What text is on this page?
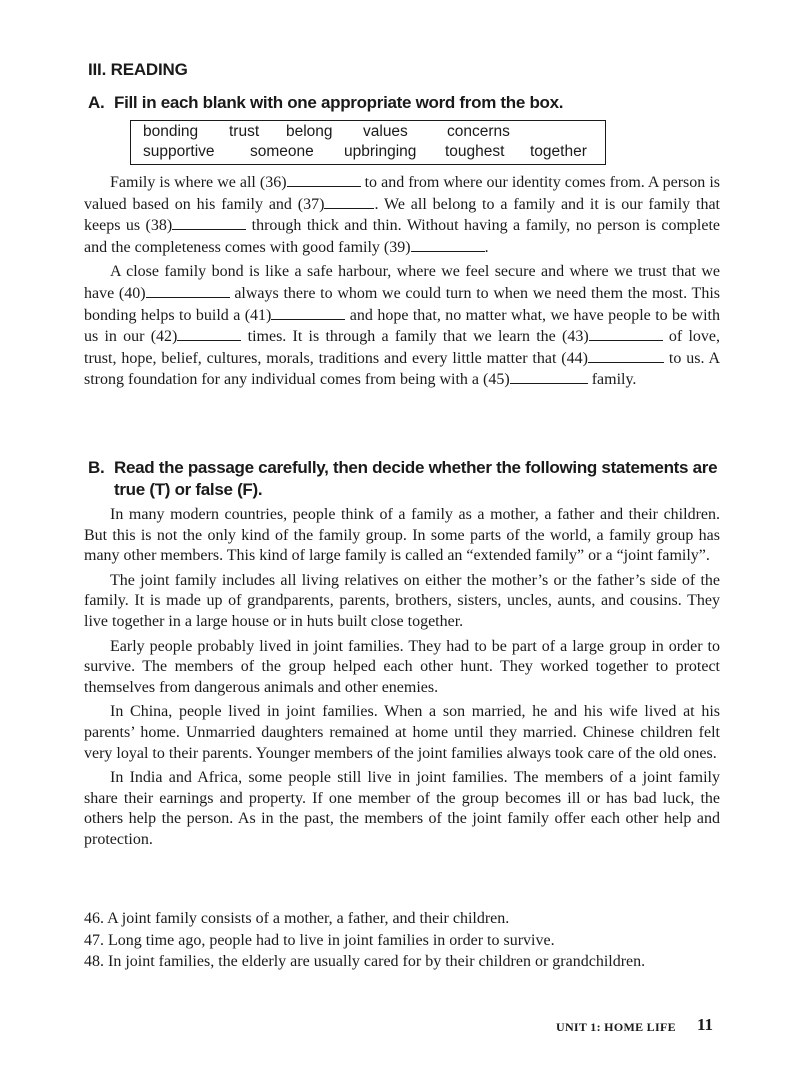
III. READING
A. Fill in each blank with one appropriate word from the box.
bonding trust belong values	concerns
supportive someone upbringing toughest together

Family is where we all (36)	to and from where our identity comes from. A person is valued based on his family and (37)	. We all belong to a family and it is our family that keeps us (38)	through thick and thin. Without having a family, no person is complete and the completeness comes with good family (39)	.

A close family bond is like a safe harbour, where we feel secure and where we trust that we have (40)	always there to whom we could turn to when we need them the most. This bonding helps to build a (41)	and hope that, no matter what, we have people to be with us in our (42)	times. It is through a family that we learn the (43)	of love, trust, hope, belief, cultures, morals, traditions and every little matter that (44)	to us. A strong foundation for any individual comes from being with a (45)	family.

B. Read the passage carefully, then decide whether the following statements are
true (T) or false (F).

In many modern countries, people think of a family as a mother, a father and their children. But this is not the only kind of the family group. In some parts of the world, a family group has many other members. This kind of large family is called an “extended family” or a “joint family”.

The joint family includes all living relatives on either the mother’s or the father’s side of the family. It is made up of grandparents, parents, brothers, sisters, uncles, aunts, and cousins. They live together in a large house or in huts built close together.

Early people probably lived in joint families. They had to be part of a large group in order to survive. The members of the group helped each other hunt. They worked together to protect themselves from dangerous animals and other enemies.

In China, people lived in joint families. When a son married, he and his wife lived at his parents’ home. Unmarried daughters remained at home until they married. Chinese children felt very loyal to their parents. Younger members of the joint families always took care of the old ones.

In India and Africa, some people still live in joint families. The members of a joint family share their earnings and property. If one member of the group becomes ill or has bad luck, the others help the person. As in the past, the members of the joint family offer each other help and protection.

46. A joint family consists of a mother, a father, and their children.
47. Long time ago, people had to live in joint families in order to survive.
48. In joint families, the elderly are usually cared for by their children or grandchildren.
UNIT 1: HOME LIFE 11
